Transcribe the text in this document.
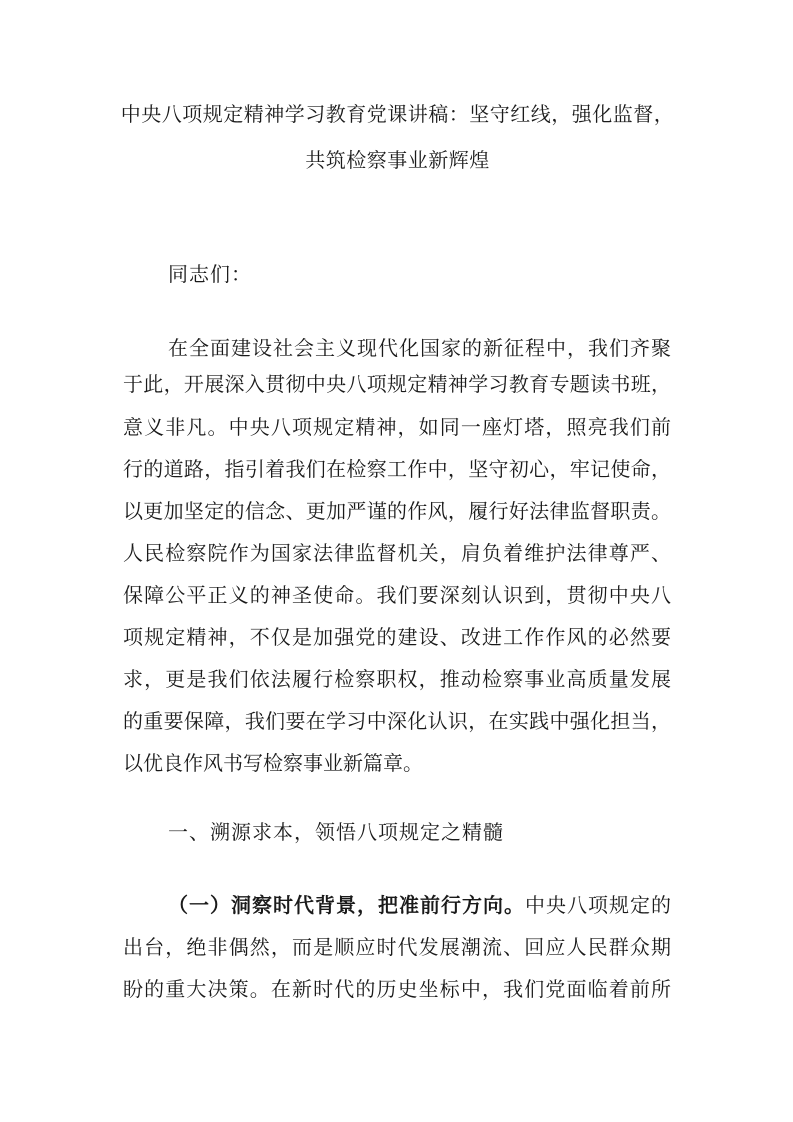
中央八项规定精神学习教育党课讲稿：坚守红线，强化监督，
共筑检察事业新辉煌
同志们：
在全面建设社会主义现代化国家的新征程中，我们齐聚
于此，开展深入贯彻中央八项规定精神学习教育专题读书班，
意义非凡。中央八项规定精神，如同一座灯塔，照亮我们前
行的道路，指引着我们在检察工作中，坚守初心，牢记使命，
以更加坚定的信念、更加严谨的作风，履行好法律监督职责。
人民检察院作为国家法律监督机关，肩负着维护法律尊严、
保障公平正义的神圣使命。我们要深刻认识到，贯彻中央八
项规定精神，不仅是加强党的建设、改进工作作风的必然要
求，更是我们依法履行检察职权，推动检察事业高质量发展
的重要保障，我们要在学习中深化认识，在实践中强化担当，
以优良作风书写检察事业新篇章。
一、溯源求本，领悟八项规定之精髓
（一）洞察时代背景，把准前行方向。中央八项规定的
出台，绝非偶然，而是顺应时代发展潮流、回应人民群众期
盼的重大决策。在新时代的历史坐标中，我们党面临着前所
